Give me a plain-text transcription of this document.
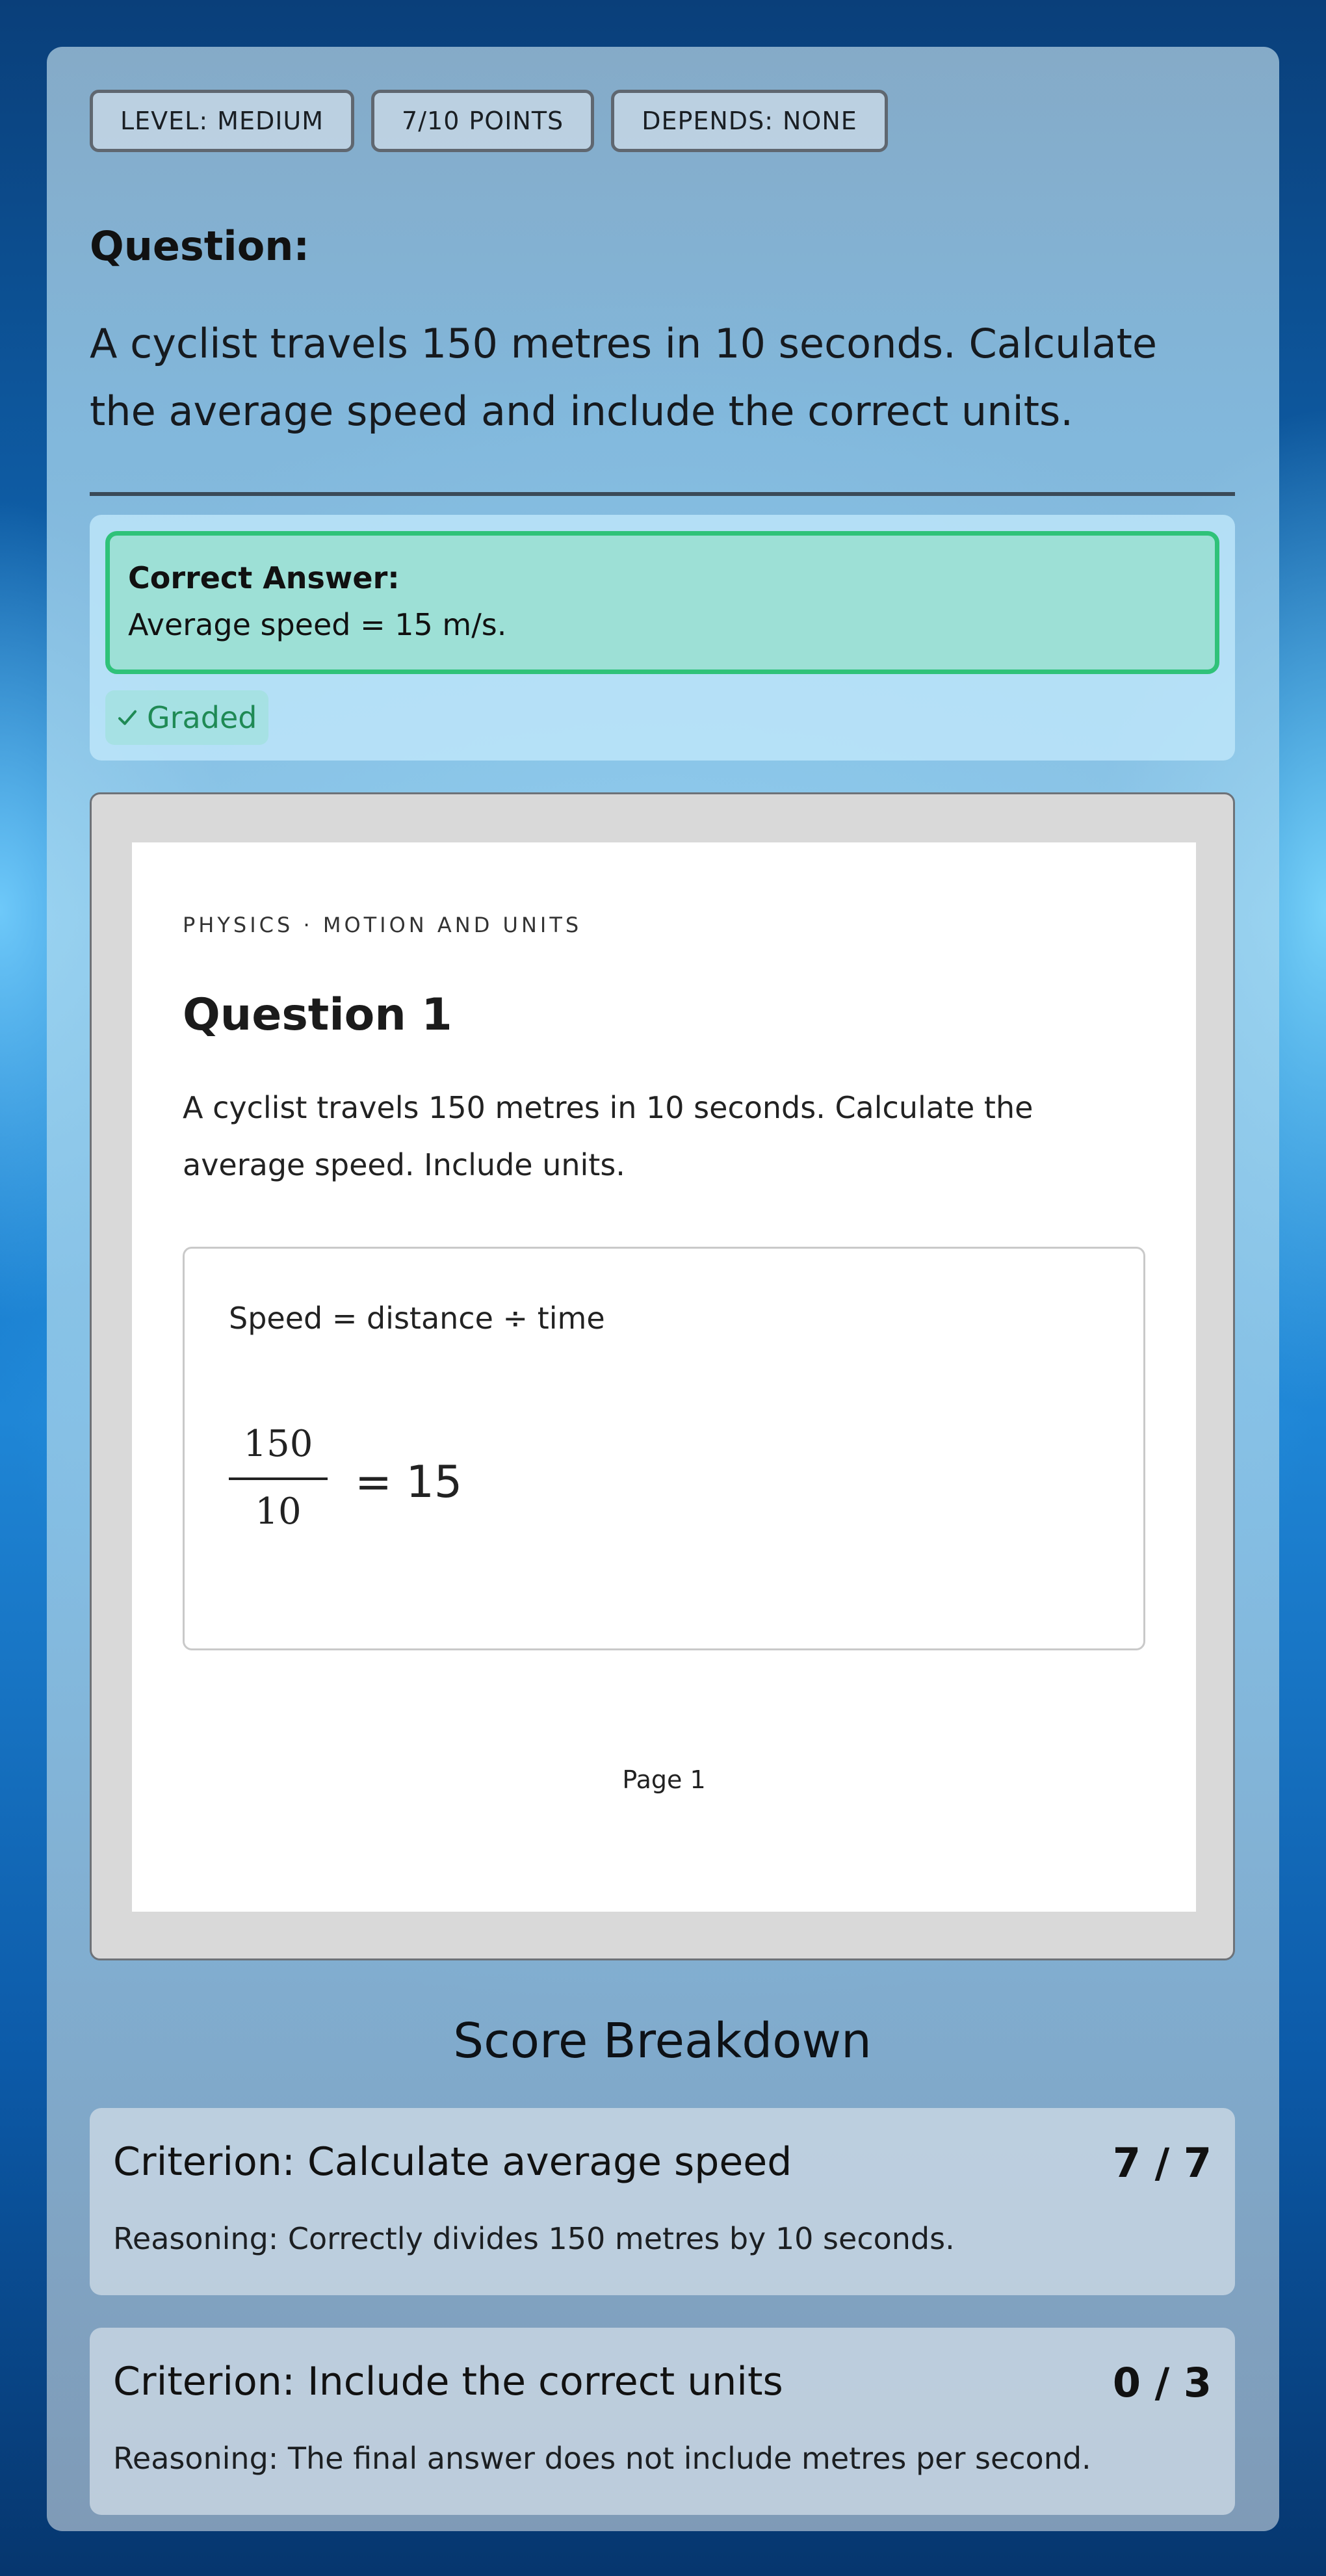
LEVEL: MEDIUM	7/10 POINTS	DEPENDS: NONE
Question:
A cyclist travels 150 metres in 10 seconds. Calculate the average speed and include the correct units.
Correct Answer:
Average speed = 15 m/s.
Graded
PHYSICS · MOTION AND UNITS
Question 1
A cyclist travels 150 metres in 10 seconds. Calculate the average speed. Include units.
Speed = distance ÷ time
150
10
= 15
Page 1
Score Breakdown
Criterion: Calculate average speed	7 / 7
Reasoning: Correctly divides 150 metres by 10 seconds.
Criterion: Include the correct units	0 / 3
Reasoning: The final answer does not include metres per second.
